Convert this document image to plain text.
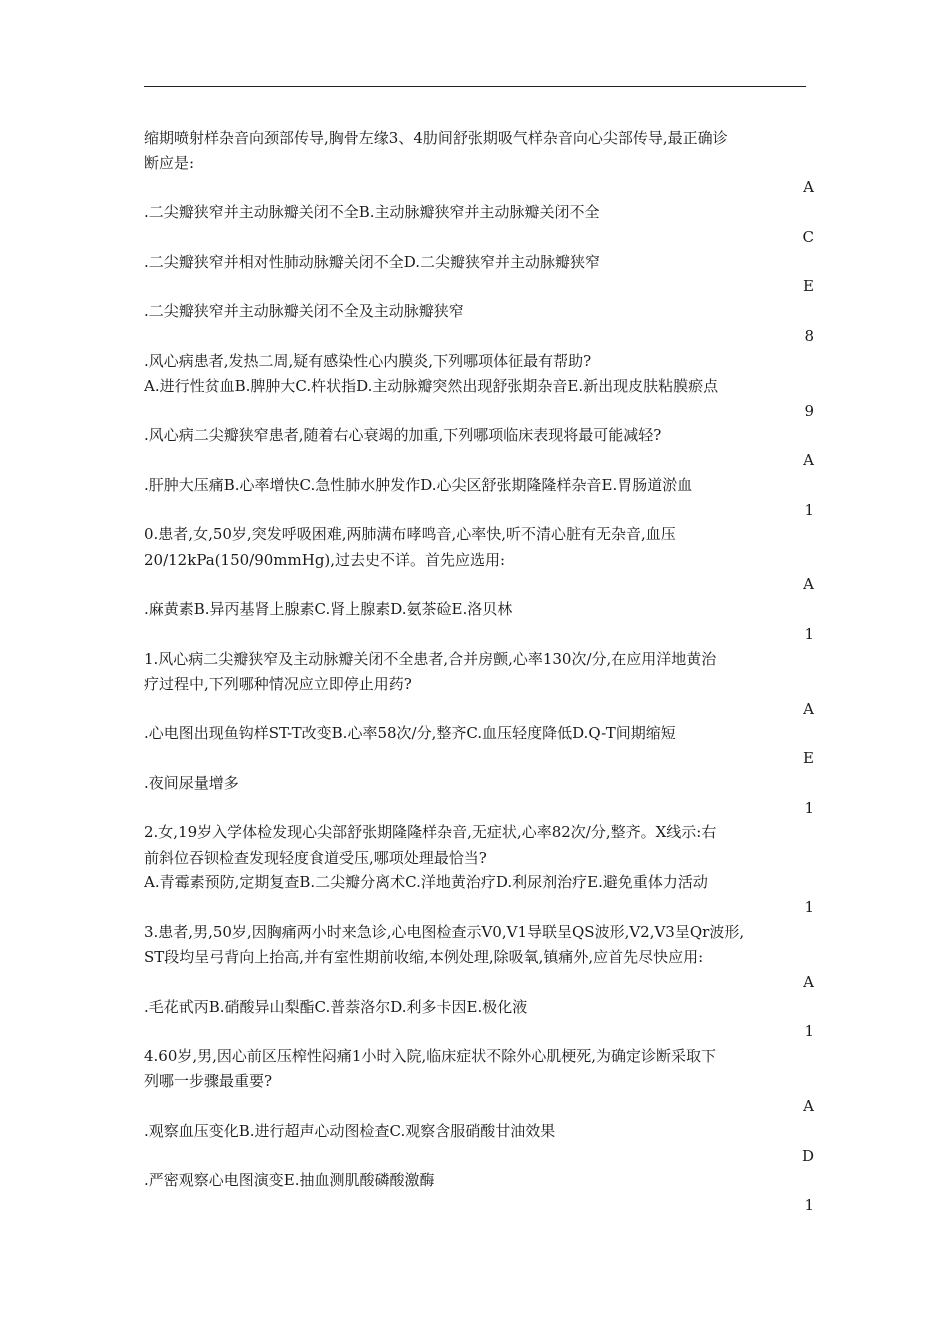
缩期喷射样杂音向颈部传导,胸骨左缘3、4肋间舒张期吸气样杂音向心尖部传导,最正确诊
断应是:
.二尖瓣狭窄并主动脉瓣关闭不全B.主动脉瓣狭窄并主动脉瓣关闭不全
.二尖瓣狭窄并相对性肺动脉瓣关闭不全D.二尖瓣狭窄并主动脉瓣狭窄
.二尖瓣狭窄并主动脉瓣关闭不全及主动脉瓣狭窄
.风心病患者,发热二周,疑有感染性心内膜炎,下列哪项体征最有帮助?
A.进行性贫血B.脾肿大C.杵状指D.主动脉瓣突然出现舒张期杂音E.新出现皮肤粘膜瘀点
.风心病二尖瓣狭窄患者,随着右心衰竭的加重,下列哪项临床表现将最可能减轻?
.肝肿大压痛B.心率增快C.急性肺水肿发作D.心尖区舒张期隆隆样杂音E.胃肠道淤血
0.患者,女,50岁,突发呼吸困难,两肺满布哮鸣音,心率快,听不清心脏有无杂音,血压
20/12kPa(150/90mmHg),过去史不详。首先应选用:
.麻黄素B.异丙基肾上腺素C.肾上腺素D.氨茶硷E.洛贝林
1.风心病二尖瓣狭窄及主动脉瓣关闭不全患者,合并房颤,心率130次/分,在应用洋地黄治
疗过程中,下列哪种情况应立即停止用药?
.心电图出现鱼钩样ST-T改变B.心率58次/分,整齐C.血压轻度降低D.Q-T间期缩短
.夜间尿量增多
2.女,19岁入学体检发现心尖部舒张期隆隆样杂音,无症状,心率82次/分,整齐。X线示:右
前斜位吞钡检查发现轻度食道受压,哪项处理最恰当?
A.青霉素预防,定期复查B.二尖瓣分离术C.洋地黄治疗D.利尿剂治疗E.避免重体力活动
3.患者,男,50岁,因胸痛两小时来急诊,心电图检查示V0,V1导联呈QS波形,V2,V3呈Qr波形,
ST段均呈弓背向上抬高,并有室性期前收缩,本例处理,除吸氧,镇痛外,应首先尽快应用:
.毛花甙丙B.硝酸异山梨酯C.普萘洛尔D.利多卡因E.极化液
4.60岁,男,因心前区压榨性闷痛1小时入院,临床症状不除外心肌梗死,为确定诊断采取下
列哪一步骤最重要?
.观察血压变化B.进行超声心动图检查C.观察含服硝酸甘油效果
.严密观察心电图演变E.抽血测肌酸磷酸激酶
A
C
E
8
9
A
1
A
1
A
E
1
1
A
1
A
D
1
